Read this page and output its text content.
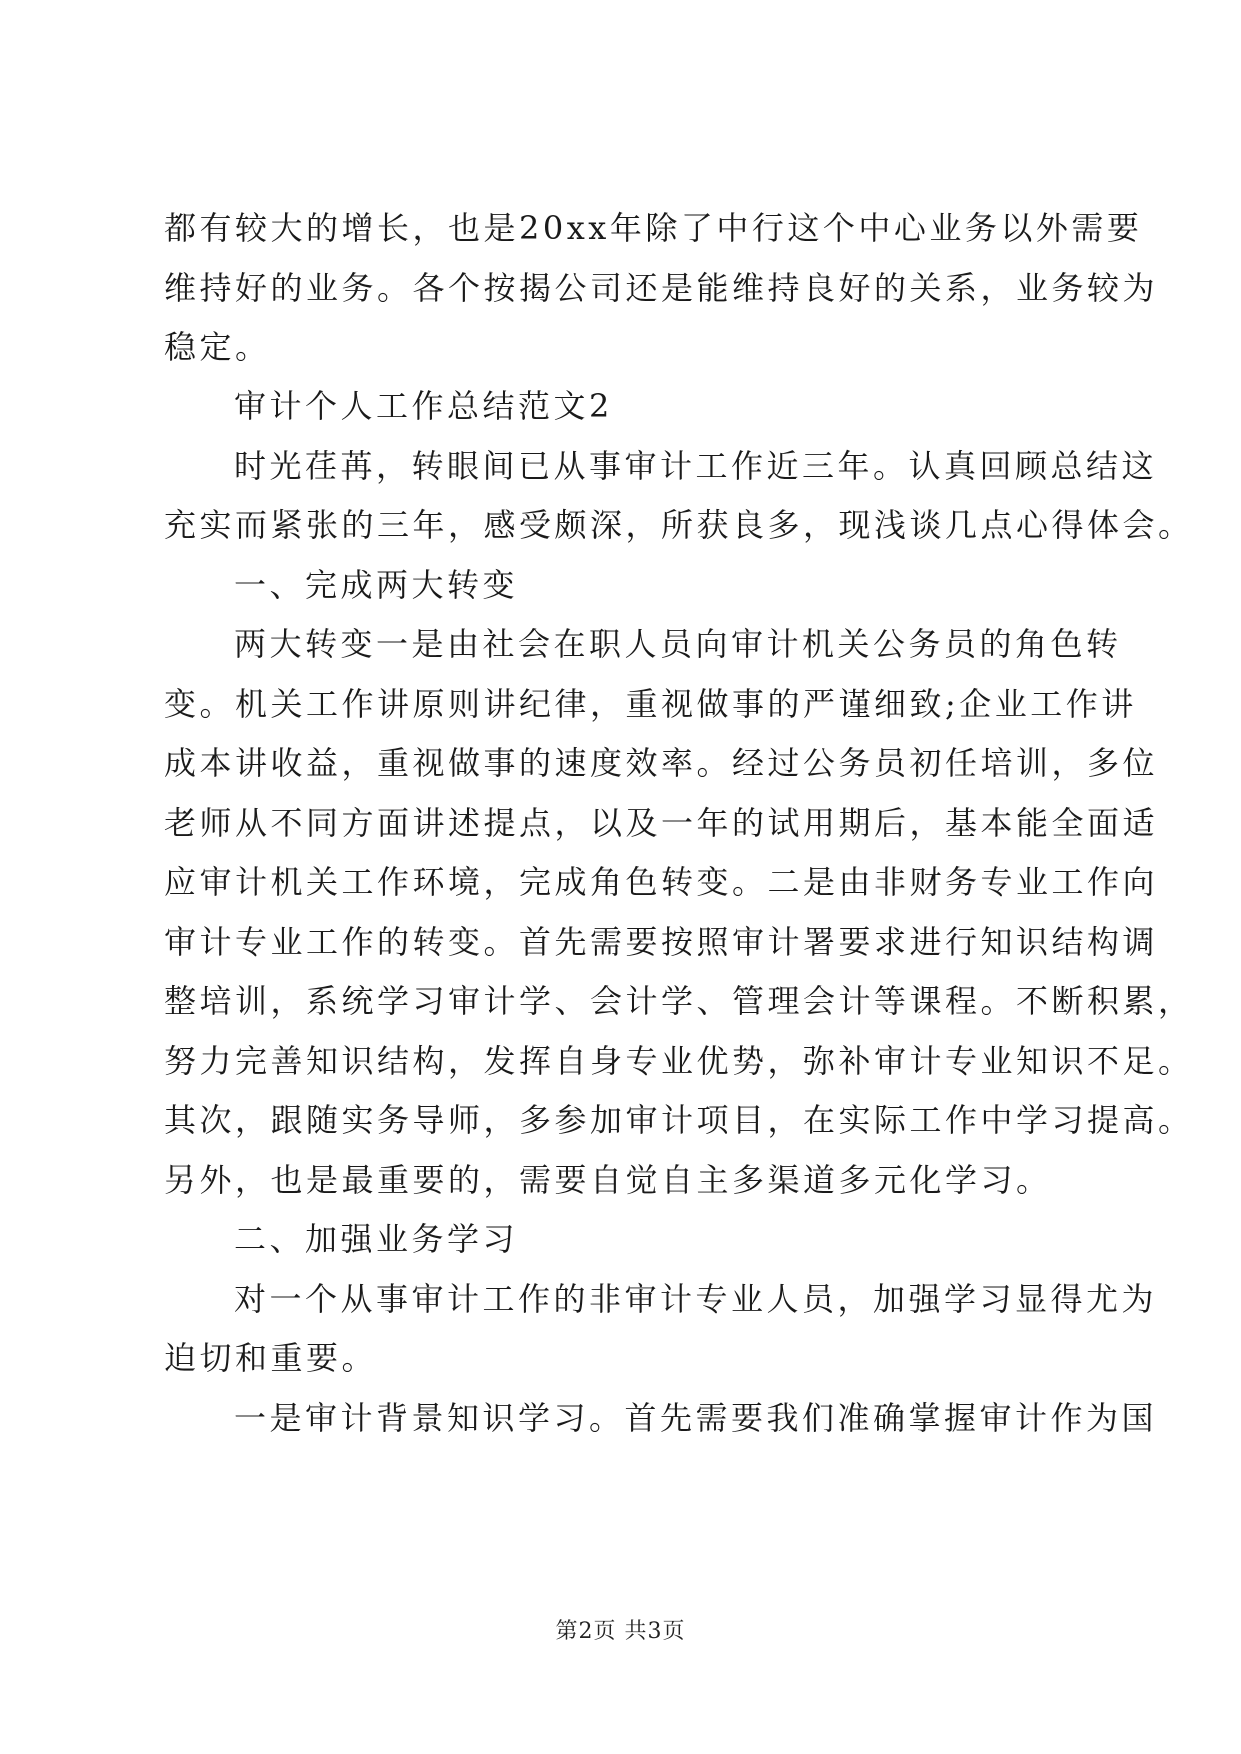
都有较大的增长，也是20xx年除了中行这个中心业务以外需要
维持好的业务。各个按揭公司还是能维持良好的关系，业务较为
稳定。
审计个人工作总结范文2
时光荏苒，转眼间已从事审计工作近三年。认真回顾总结这
充实而紧张的三年，感受颇深，所获良多，现浅谈几点心得体会。
一、完成两大转变
两大转变一是由社会在职人员向审计机关公务员的角色转
变。机关工作讲原则讲纪律，重视做事的严谨细致;企业工作讲
成本讲收益，重视做事的速度效率。经过公务员初任培训，多位
老师从不同方面讲述提点，以及一年的试用期后，基本能全面适
应审计机关工作环境，完成角色转变。二是由非财务专业工作向
审计专业工作的转变。首先需要按照审计署要求进行知识结构调
整培训，系统学习审计学、会计学、管理会计等课程。不断积累，
努力完善知识结构，发挥自身专业优势，弥补审计专业知识不足。
其次，跟随实务导师，多参加审计项目，在实际工作中学习提高。
另外，也是最重要的，需要自觉自主多渠道多元化学习。
二、加强业务学习
对一个从事审计工作的非审计专业人员，加强学习显得尤为
迫切和重要。
一是审计背景知识学习。首先需要我们准确掌握审计作为国
第2页 共3页
